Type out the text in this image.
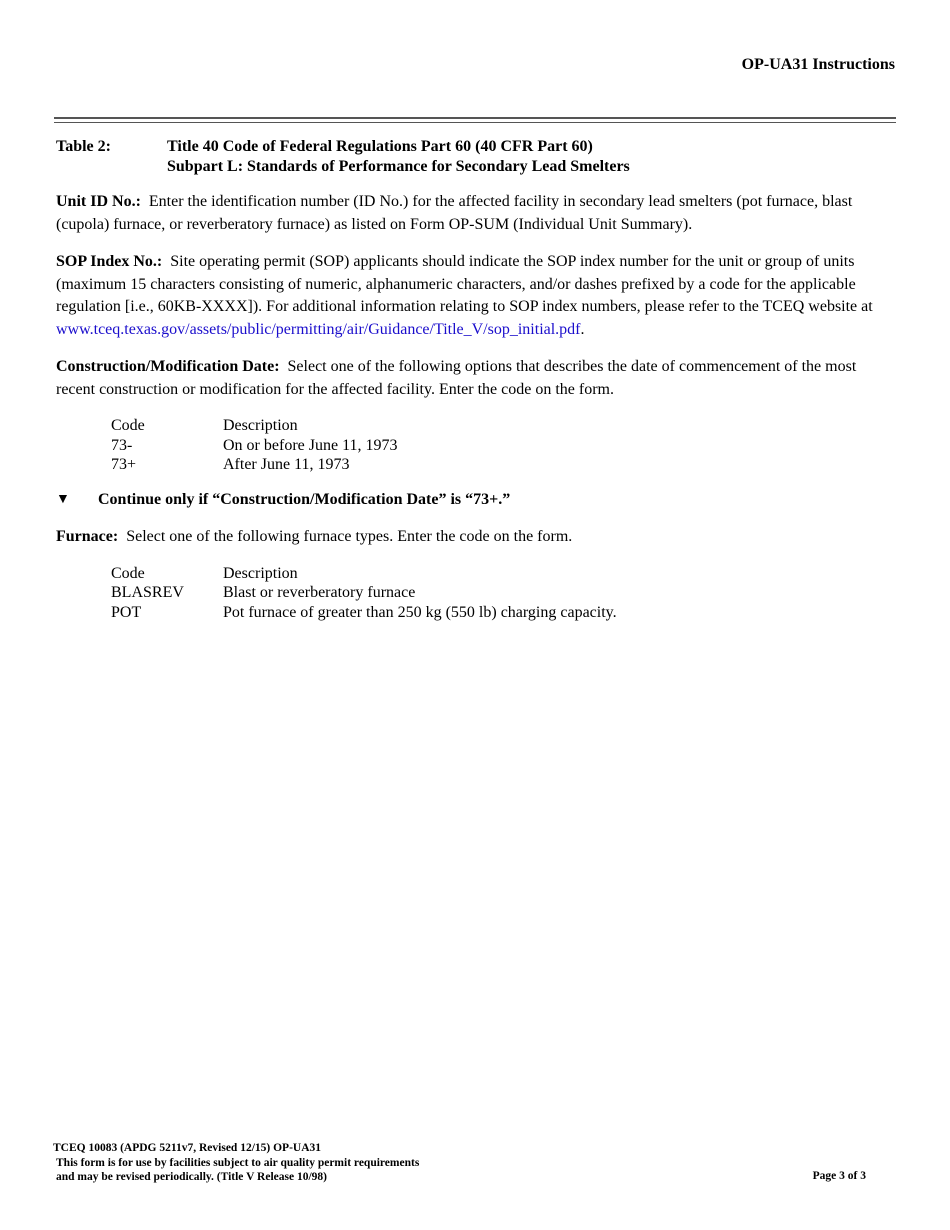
OP-UA31 Instructions
Table 2:	Title 40 Code of Federal Regulations Part 60 (40 CFR Part 60)
Subpart L: Standards of Performance for Secondary Lead Smelters

Unit ID No.: Enter the identification number (ID No.) for the affected facility in secondary lead smelters (pot furnace, blast (cupola) furnace, or reverberatory furnace) as listed on Form OP-SUM (Individual Unit Summary).

SOP Index No.: Site operating permit (SOP) applicants should indicate the SOP index number for the unit or group of units (maximum 15 characters consisting of numeric, alphanumeric characters, and/or dashes prefixed by a code for the applicable regulation [i.e., 60KB-XXXX]). For additional information relating to SOP index numbers, please refer to the TCEQ website at www.tceq.texas.gov/assets/public/permitting/air/Guidance/Title_V/sop_initial.pdf.

Construction/Modification Date: Select one of the following options that describes the date of commencement of the most recent construction or modification for the affected facility. Enter the code on the form.

Code	Description
73-	On or before June 11, 1973
73+	After June 11, 1973
▼	Continue only if “Construction/Modification Date” is “73+.”

Furnace: Select one of the following furnace types. Enter the code on the form.

Code	Description
BLASREV	Blast or reverberatory furnace
POT	Pot furnace of greater than 250 kg (550 lb) charging capacity.
TCEQ 10083 (APDG 5211v7, Revised 12/15) OP-UA31
This form is for use by facilities subject to air quality permit requirements
and may be revised periodically. (Title V Release 10/98)	Page 3 of 3
